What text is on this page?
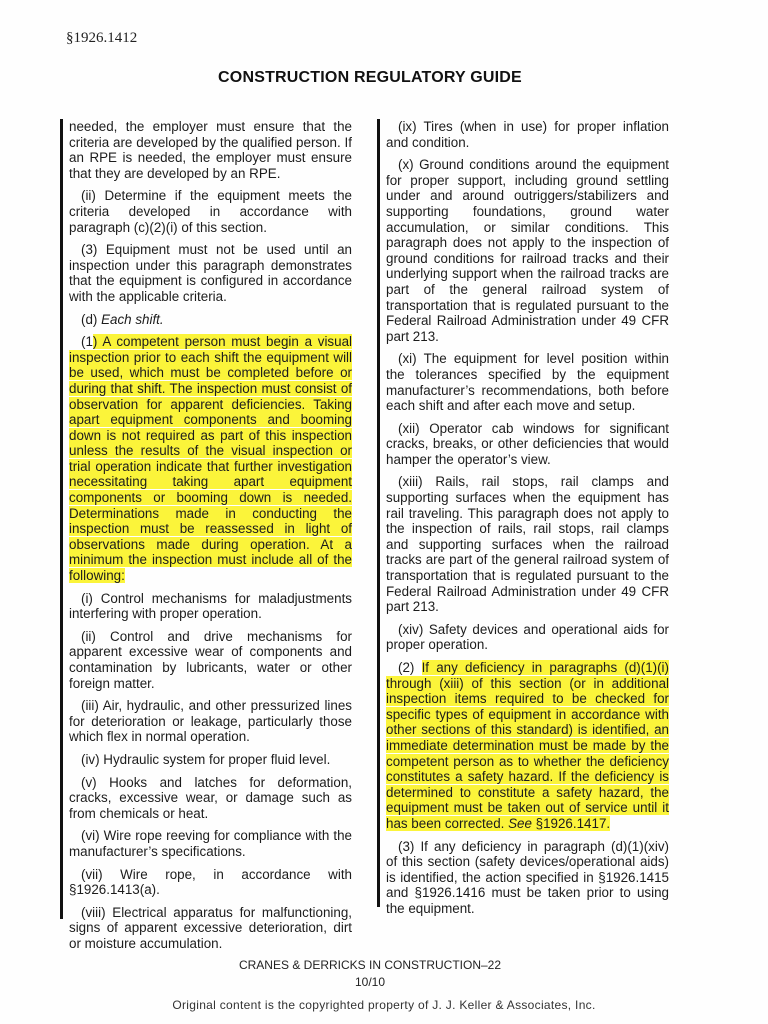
§1926.1412
CONSTRUCTION REGULATORY GUIDE

needed, the employer must ensure that the criteria are developed by the qualified person. If an RPE is needed, the employer must ensure that they are developed by an RPE.

(ii) Determine if the equipment meets the criteria developed in accordance with paragraph (c)(2)(i) of this section.

(3) Equipment must not be used until an inspection under this paragraph demonstrates that the equipment is configured in accordance with the applicable criteria.

(d) Each shift.

(1) A competent person must begin a visual inspection prior to each shift the equipment will be used, which must be completed before or during that shift. The inspection must consist of observation for apparent deficiencies. Taking apart equipment components and booming down is not required as part of this inspection unless the results of the visual inspection or trial operation indicate that further investigation necessitating taking apart equipment components or booming down is needed. Determinations made in conducting the inspection must be reassessed in light of observations made during operation. At a minimum the inspection must include all of the following:

(i) Control mechanisms for maladjustments interfering with proper operation.

(ii) Control and drive mechanisms for apparent excessive wear of components and contamination by lubricants, water or other foreign matter.

(iii) Air, hydraulic, and other pressurized lines for deterioration or leakage, particularly those which flex in normal operation.

(iv) Hydraulic system for proper fluid level.

(v) Hooks and latches for deformation, cracks, excessive wear, or damage such as from chemicals or heat.

(vi) Wire rope reeving for compliance with the manufacturer’s specifications.

(vii) Wire rope, in accordance with §1926.1413(a).

(viii) Electrical apparatus for malfunctioning, signs of apparent excessive deterioration, dirt or moisture accumulation.

(ix) Tires (when in use) for proper inflation and condition.

(x) Ground conditions around the equipment for proper support, including ground settling under and around outriggers/stabilizers and supporting foundations, ground water accumulation, or similar conditions. This paragraph does not apply to the inspection of ground conditions for railroad tracks and their underlying support when the railroad tracks are part of the general railroad system of transportation that is regulated pursuant to the Federal Railroad Administration under 49 CFR part 213.

(xi) The equipment for level position within the tolerances specified by the equipment manufacturer’s recommendations, both before each shift and after each move and setup.

(xii) Operator cab windows for significant cracks, breaks, or other deficiencies that would hamper the operator’s view.

(xiii) Rails, rail stops, rail clamps and supporting surfaces when the equipment has rail traveling. This paragraph does not apply to the inspection of rails, rail stops, rail clamps and supporting surfaces when the railroad tracks are part of the general railroad system of transportation that is regulated pursuant to the Federal Railroad Administration under 49 CFR part 213.

(xiv) Safety devices and operational aids for proper operation.

(2) If any deficiency in paragraphs (d)(1)(i) through (xiii) of this section (or in additional inspection items required to be checked for specific types of equipment in accordance with other sections of this standard) is identified, an immediate determination must be made by the competent person as to whether the deficiency constitutes a safety hazard. If the deficiency is determined to constitute a safety hazard, the equipment must be taken out of service until it has been corrected. See §1926.1417.

(3) If any deficiency in paragraph (d)(1)(xiv) of this section (safety devices/operational aids) is identified, the action specified in §1926.1415 and §1926.1416 must be taken prior to using the equipment.

CRANES & DERRICKS IN CONSTRUCTION–22
10/10
Original content is the copyrighted property of J. J. Keller & Associates, Inc.
